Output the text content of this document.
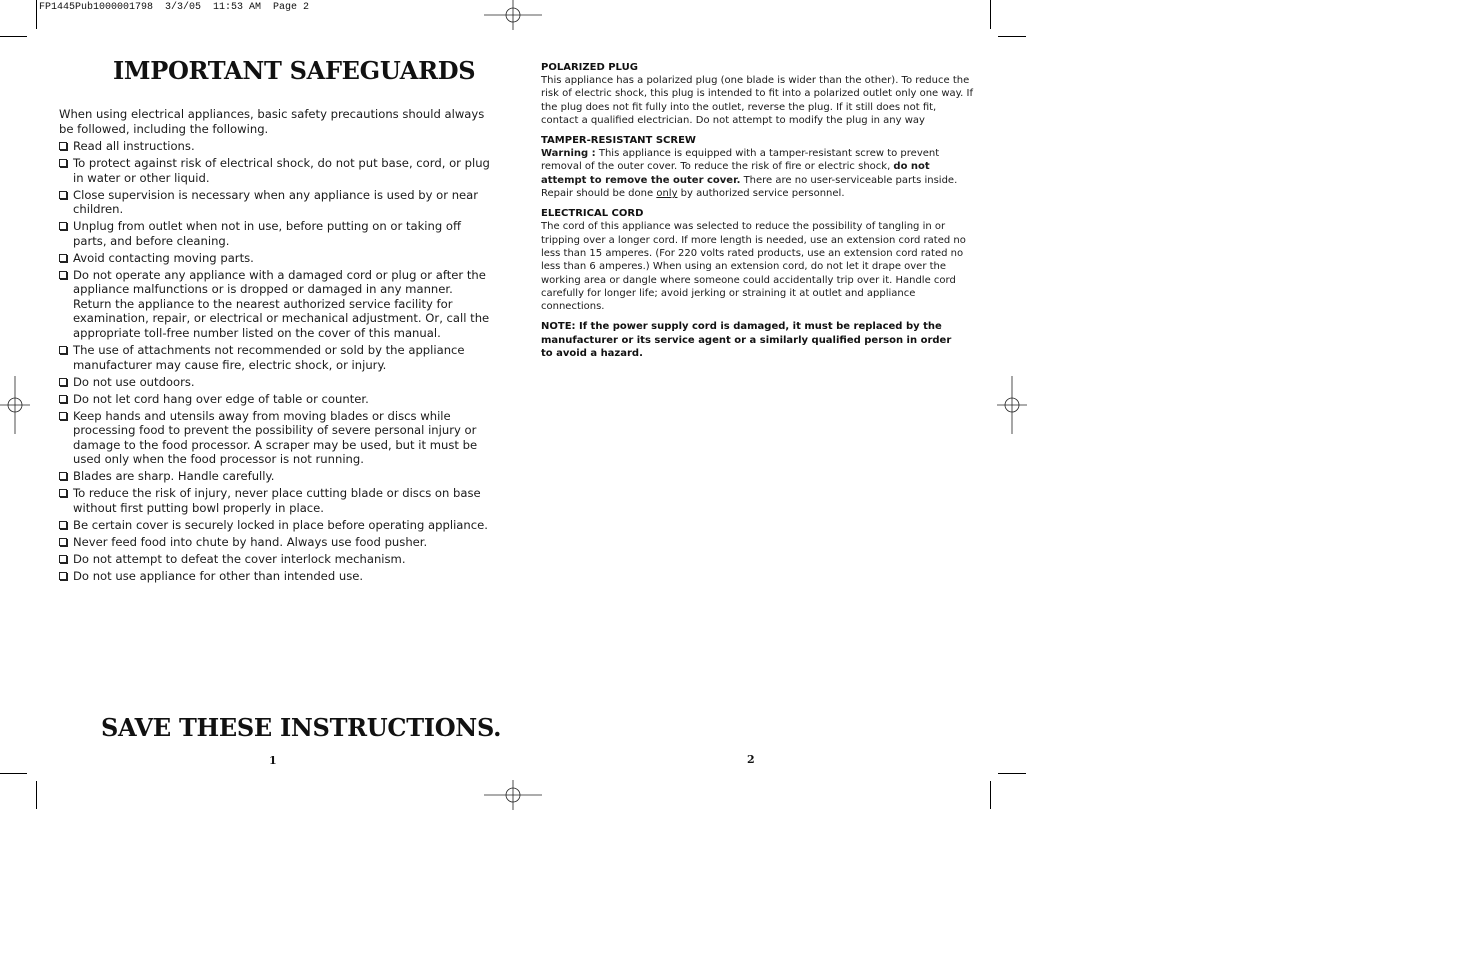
FP1445Pub1000001798  3/3/05  11:53 AM  Page 2

IMPORTANT SAFEGUARDS

When using electrical appliances, basic safety precautions should always be followed, including the following.

Read all instructions.
To protect against risk of electrical shock, do not put base, cord, or plug in water or other liquid.
Close supervision is necessary when any appliance is used by or near children.
Unplug from outlet when not in use, before putting on or taking off parts, and before cleaning.
Avoid contacting moving parts.
Do not operate any appliance with a damaged cord or plug or after the appliance malfunctions or is dropped or damaged in any manner. Return the appliance to the nearest authorized service facility for examination, repair, or electrical or mechanical adjustment. Or, call the appropriate toll-free number listed on the cover of this manual.
The use of attachments not recommended or sold by the appliance manufacturer may cause fire, electric shock, or injury.
Do not use outdoors.
Do not let cord hang over edge of table or counter.
Keep hands and utensils away from moving blades or discs while processing food to prevent the possibility of severe personal injury or damage to the food processor. A scraper may be used, but it must be used only when the food processor is not running.
Blades are sharp. Handle carefully.
To reduce the risk of injury, never place cutting blade or discs on base without first putting bowl properly in place.
Be certain cover is securely locked in place before operating appliance.
Never feed food into chute by hand. Always use food pusher.
Do not attempt to defeat the cover interlock mechanism.
Do not use appliance for other than intended use.
SAVE THESE INSTRUCTIONS.

1

POLARIZED PLUG

This appliance has a polarized plug (one blade is wider than the other). To reduce the risk of electric shock, this plug is intended to fit into a polarized outlet only one way. If the plug does not fit fully into the outlet, reverse the plug. If it still does not fit, contact a qualified electrician. Do not attempt to modify the plug in any way

TAMPER-RESISTANT SCREW

Warning : This appliance is equipped with a tamper-resistant screw to prevent removal of the outer cover. To reduce the risk of fire or electric shock, do not attempt to remove the outer cover. There are no user-serviceable parts inside. Repair should be done only by authorized service personnel.

ELECTRICAL CORD

The cord of this appliance was selected to reduce the possibility of tangling in or tripping over a longer cord. If more length is needed, use an extension cord rated no less than 15 amperes. (For 220 volts rated products, use an extension cord rated no less than 6 amperes.) When using an extension cord, do not let it drape over the working area or dangle where someone could accidentally trip over it. Handle cord carefully for longer life; avoid jerking or straining it at outlet and appliance connections.

NOTE: If the power supply cord is damaged, it must be replaced by the manufacturer or its service agent or a similarly qualified person in order to avoid a hazard.

2
